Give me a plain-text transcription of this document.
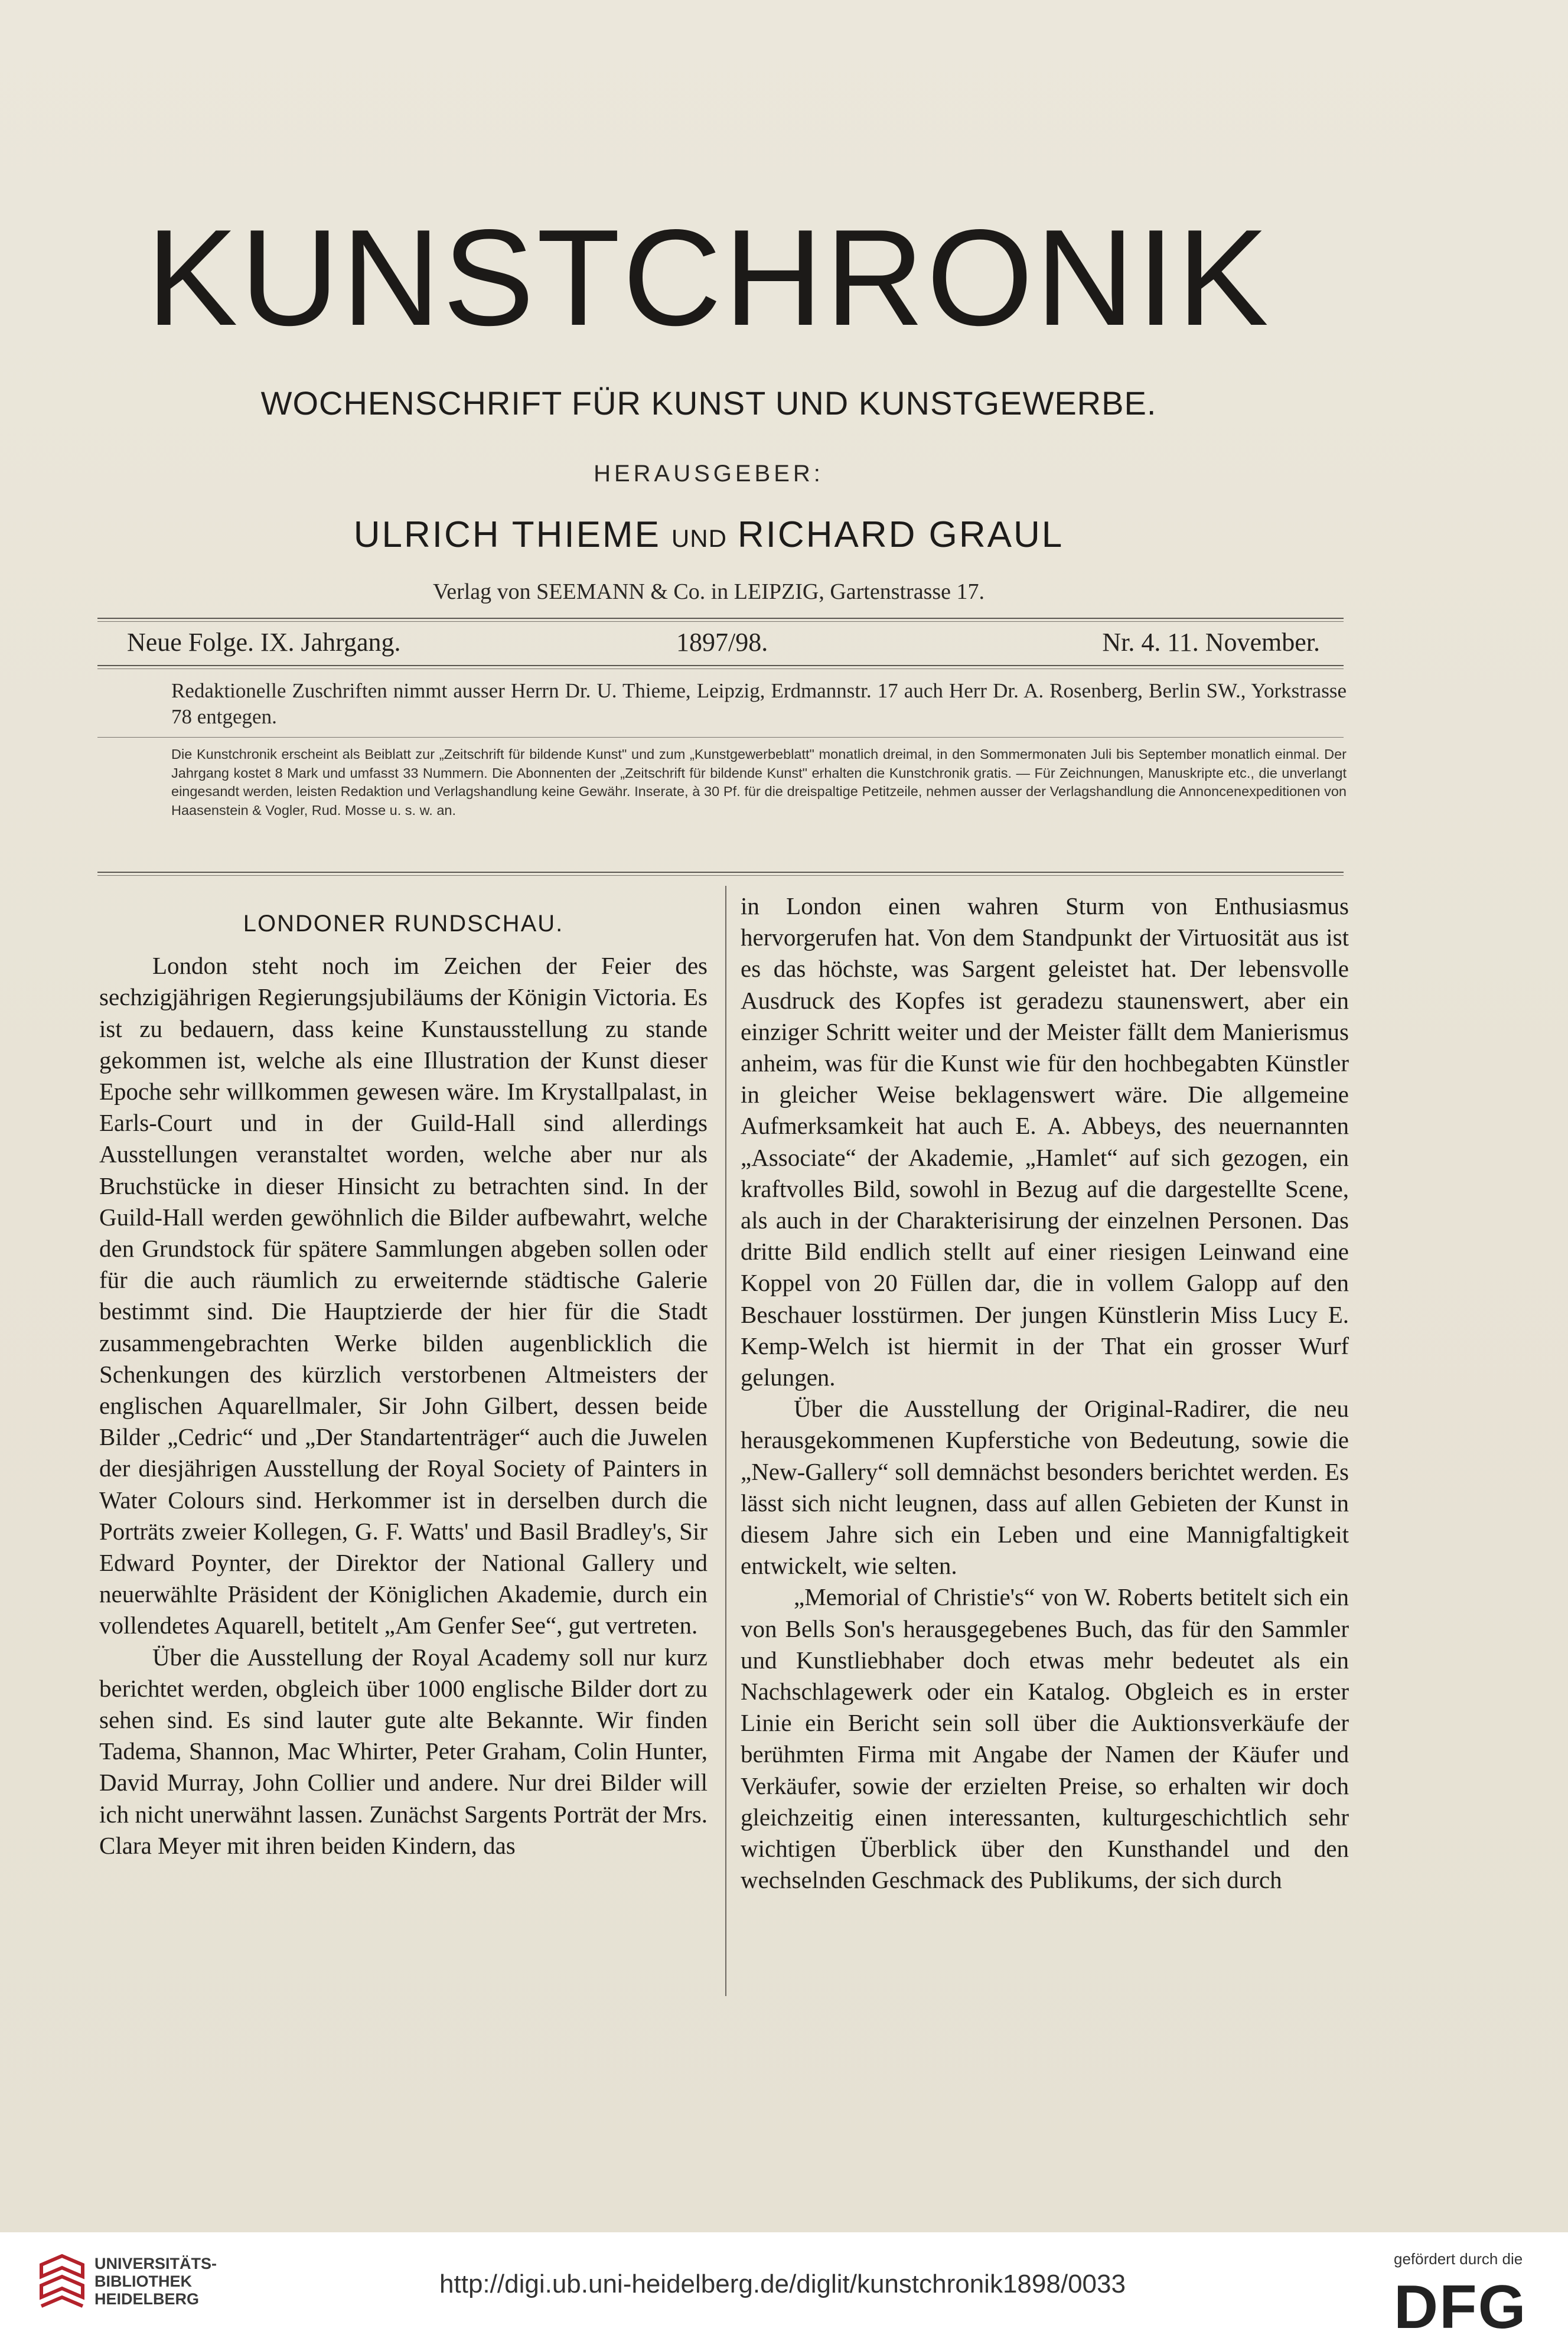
KUNSTCHRONIK
WOCHENSCHRIFT FÜR KUNST UND KUNSTGEWERBE.
HERAUSGEBER:
ULRICH THIEME UND RICHARD GRAUL
Verlag von SEEMANN & Co. in LEIPZIG, Gartenstrasse 17.
Neue Folge. IX. Jahrgang.	1897/98.	Nr. 4. 11. November.
Redaktionelle Zuschriften nimmt ausser Herrn Dr. U. Thieme, Leipzig, Erdmannstr. 17 auch Herr Dr. A. Rosenberg, Berlin SW., Yorkstrasse 78 entgegen.
Die Kunstchronik erscheint als Beiblatt zur „Zeitschrift für bildende Kunst" und zum „Kunstgewerbeblatt" monatlich dreimal, in den Sommermonaten Juli bis September monatlich einmal. Der Jahrgang kostet 8 Mark und umfasst 33 Nummern. Die Abonnenten der „Zeitschrift für bildende Kunst" erhalten die Kunstchronik gratis. — Für Zeichnungen, Manuskripte etc., die unverlangt eingesandt werden, leisten Redaktion und Verlagshandlung keine Gewähr. Inserate, à 30 Pf. für die dreispaltige Petitzeile, nehmen ausser der Verlagshandlung die Annoncenexpeditionen von Haasenstein & Vogler, Rud. Mosse u. s. w. an.
LONDONER RUNDSCHAU.

London steht noch im Zeichen der Feier des sechzigjährigen Regierungsjubiläums der Königin Victoria. Es ist zu bedauern, dass keine Kunstausstellung zu stande gekommen ist, welche als eine Illustration der Kunst dieser Epoche sehr willkommen gewesen wäre. Im Krystallpalast, in Earls-Court und in der Guild-Hall sind allerdings Ausstellungen veranstaltet worden, welche aber nur als Bruchstücke in dieser Hinsicht zu betrachten sind. In der Guild-Hall werden gewöhnlich die Bilder aufbewahrt, welche den Grundstock für spätere Sammlungen abgeben sollen oder für die auch räumlich zu erweiternde städtische Galerie bestimmt sind. Die Hauptzierde der hier für die Stadt zusammengebrachten Werke bilden augenblicklich die Schenkungen des kürzlich verstorbenen Altmeisters der englischen Aquarellmaler, Sir John Gilbert, dessen beide Bilder „Cedric“ und „Der Standartenträger“ auch die Juwelen der diesjährigen Ausstellung der Royal Society of Painters in Water Colours sind. Herkommer ist in derselben durch die Porträts zweier Kollegen, G. F. Watts' und Basil Bradley's, Sir Edward Poynter, der Direktor der National Gallery und neuerwählte Präsident der Königlichen Akademie, durch ein vollendetes Aquarell, betitelt „Am Genfer See“, gut vertreten.

Über die Ausstellung der Royal Academy soll nur kurz berichtet werden, obgleich über 1000 englische Bilder dort zu sehen sind. Es sind lauter gute alte Bekannte. Wir finden Tadema, Shannon, Mac Whirter, Peter Graham, Colin Hunter, David Murray, John Collier und andere. Nur drei Bilder will ich nicht unerwähnt lassen. Zunächst Sargents Porträt der Mrs. Clara Meyer mit ihren beiden Kindern, das

in London einen wahren Sturm von Enthusiasmus hervorgerufen hat. Von dem Standpunkt der Virtuosität aus ist es das höchste, was Sargent geleistet hat. Der lebensvolle Ausdruck des Kopfes ist geradezu staunenswert, aber ein einziger Schritt weiter und der Meister fällt dem Manierismus anheim, was für die Kunst wie für den hochbegabten Künstler in gleicher Weise beklagenswert wäre. Die allgemeine Aufmerksamkeit hat auch E. A. Abbeys, des neuernannten „Associate“ der Akademie, „Hamlet“ auf sich gezogen, ein kraftvolles Bild, sowohl in Bezug auf die dargestellte Scene, als auch in der Charakterisirung der einzelnen Personen. Das dritte Bild endlich stellt auf einer riesigen Leinwand eine Koppel von 20 Füllen dar, die in vollem Galopp auf den Beschauer losstürmen. Der jungen Künstlerin Miss Lucy E. Kemp-Welch ist hiermit in der That ein grosser Wurf gelungen.

Über die Ausstellung der Original-Radirer, die neu herausgekommenen Kupferstiche von Bedeutung, sowie die „New-Gallery“ soll demnächst besonders berichtet werden. Es lässt sich nicht leugnen, dass auf allen Gebieten der Kunst in diesem Jahre sich ein Leben und eine Mannigfaltigkeit entwickelt, wie selten.

„Memorial of Christie's“ von W. Roberts betitelt sich ein von Bells Son's herausgegebenes Buch, das für den Sammler und Kunstliebhaber doch etwas mehr bedeutet als ein Nachschlagewerk oder ein Katalog. Obgleich es in erster Linie ein Bericht sein soll über die Auktionsverkäufe der berühmten Firma mit Angabe der Namen der Käufer und Verkäufer, sowie der erzielten Preise, so erhalten wir doch gleichzeitig einen interessanten, kulturgeschichtlich sehr wichtigen Überblick über den Kunsthandel und den wechselnden Geschmack des Publikums, der sich durch

UNIVERSITÄTS-
BIBLIOTHEK
HEIDELBERG
http://digi.ub.uni-heidelberg.de/diglit/kunstchronik1898/0033
gefördert durch die
DFG
